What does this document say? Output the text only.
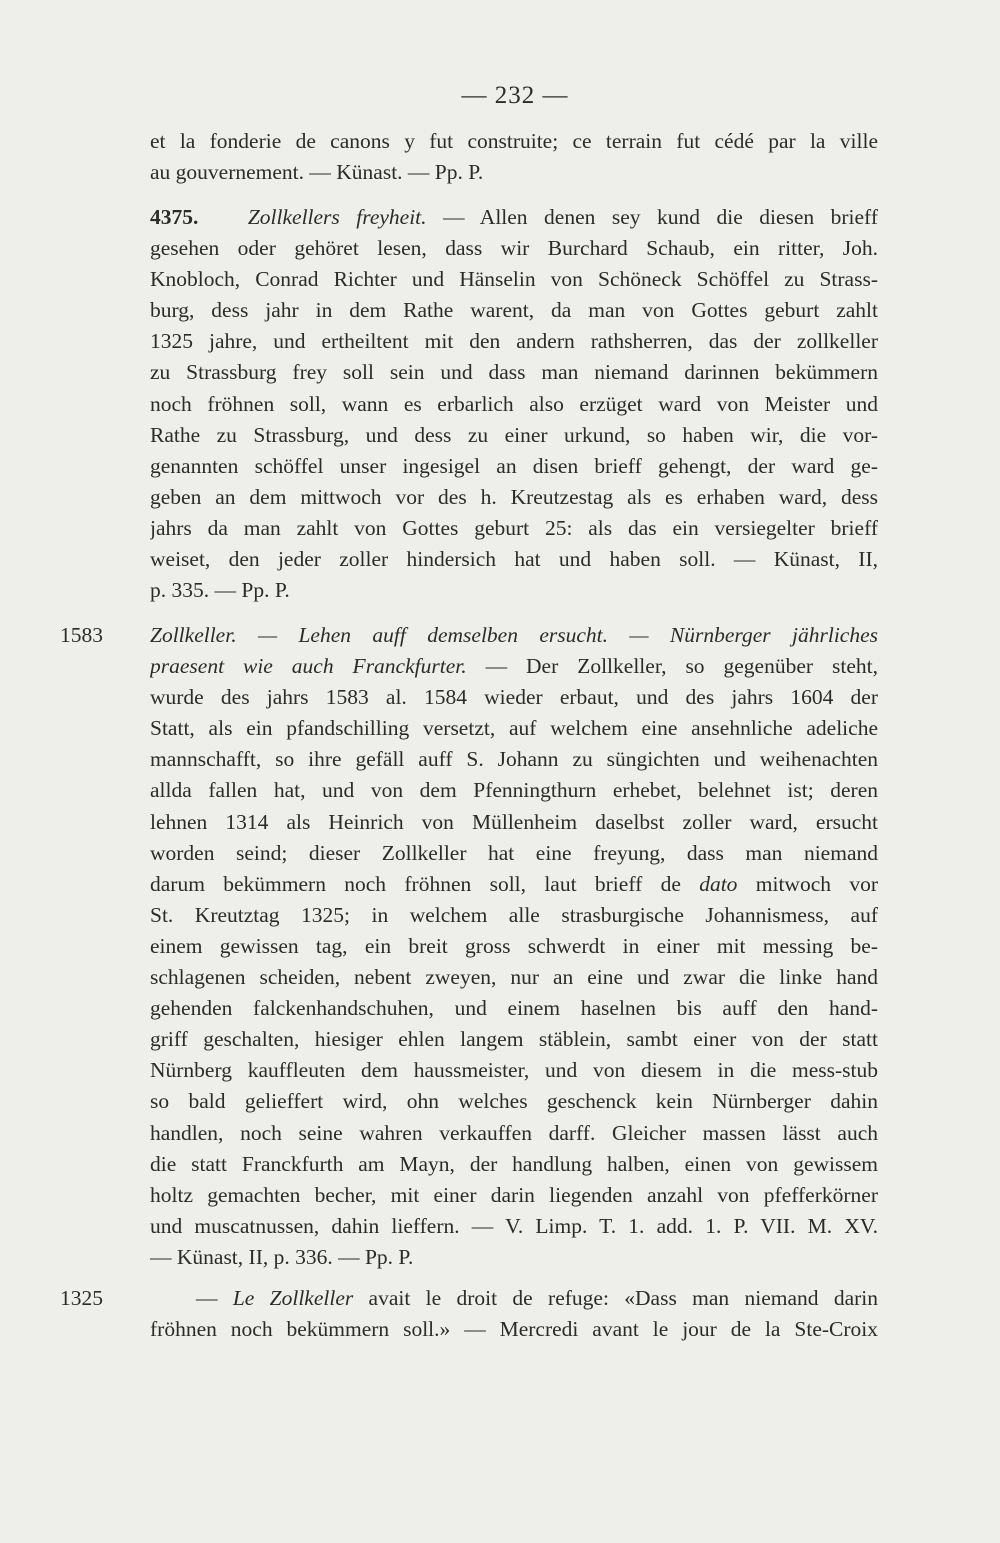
— 232 —
et la fonderie de canons y fut construite; ce terrain fut cédé par la ville
au gouvernement. — Künast. — Pp. P.
4375. Zollkellers freyheit. — Allen denen sey kund die diesen brieff
gesehen oder gehöret lesen, dass wir Burchard Schaub, ein ritter, Joh.
Knobloch, Conrad Richter und Hänselin von Schöneck Schöffel zu Strass-
burg, dess jahr in dem Rathe warent, da man von Gottes geburt zahlt
1325 jahre, und ertheiltent mit den andern rathsherren, das der zollkeller
zu Strassburg frey soll sein und dass man niemand darinnen bekümmern
noch fröhnen soll, wann es erbarlich also erzüget ward von Meister und
Rathe zu Strassburg, und dess zu einer urkund, so haben wir, die vor-
genannten schöffel unser ingesigel an disen brieff gehengt, der ward ge-
geben an dem mittwoch vor des h. Kreutzestag als es erhaben ward, dess
jahrs da man zahlt von Gottes geburt 25: als das ein versiegelter brieff
weiset, den jeder zoller hindersich hat und haben soll. — Künast, II,
p. 335. — Pp. P.
1583 Zollkeller. — Lehen auff demselben ersucht. — Nürnberger jährliches
praesent wie auch Franckfurter. — Der Zollkeller, so gegenüber steht,
wurde des jahrs 1583 al. 1584 wieder erbaut, und des jahrs 1604 der
Statt, als ein pfandschilling versetzt, auf welchem eine ansehnliche adeliche
mannschafft, so ihre gefäll auff S. Johann zu süngichten und weihenachten
allda fallen hat, und von dem Pfenningthurn erhebet, belehnet ist; deren
lehnen 1314 als Heinrich von Müllenheim daselbst zoller ward, ersucht
worden seind; dieser Zollkeller hat eine freyung, dass man niemand
darum bekümmern noch fröhnen soll, laut brieff de dato mitwoch vor
St. Kreutztag 1325; in welchem alle strasburgische Johannismess, auf
einem gewissen tag, ein breit gross schwerdt in einer mit messing be-
schlagenen scheiden, nebent zweyen, nur an eine und zwar die linke hand
gehenden falckenhandschuhen, und einem haselnen bis auff den hand-
griff geschalten, hiesiger ehlen langem stäblein, sambt einer von der statt
Nürnberg kauffleuten dem haussmeister, und von diesem in die mess-stub
so bald gelieffert wird, ohn welches geschenck kein Nürnberger dahin
handlen, noch seine wahren verkauffen darff. Gleicher massen lässt auch
die statt Franckfurth am Mayn, der handlung halben, einen von gewissem
holtz gemachten becher, mit einer darin liegenden anzahl von pfefferkörner
und muscatnussen, dahin lieffern. — V. Limp. T. 1. add. 1. P. VII. M. XV.
— Künast, II, p. 336. — Pp. P.
1325	— Le Zollkeller avait le droit de refuge: «Dass man niemand darin
fröhnen noch bekümmern soll.» — Mercredi avant le jour de la Ste-Croix
